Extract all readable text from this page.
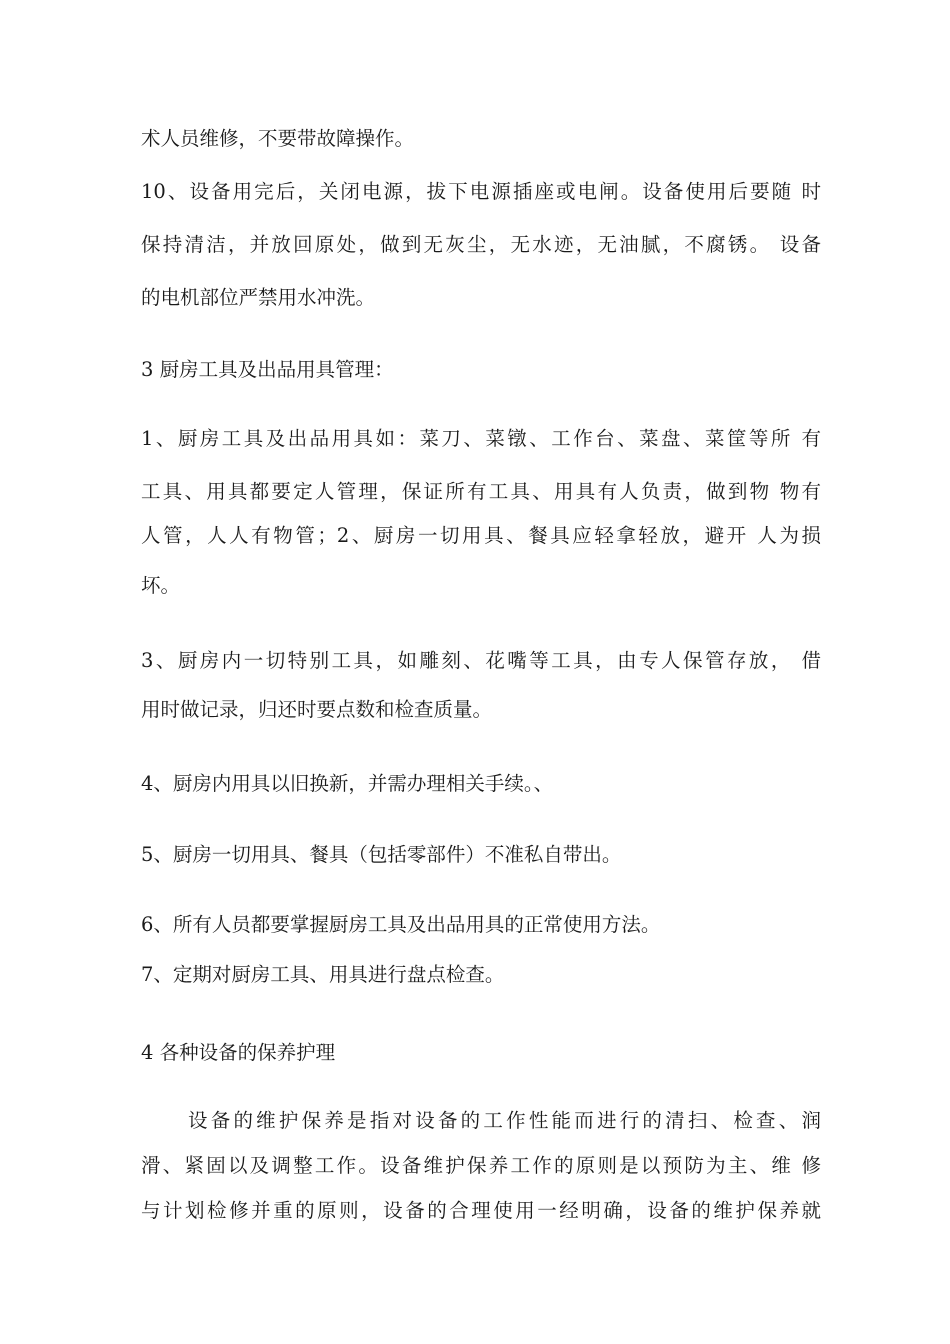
术人员维修，不要带故障操作。
10、设备用完后，关闭电源，拔下电源插座或电闸。设备使用后要随 时
保持清洁，并放回原处，做到无灰尘，无水迹，无油腻，不腐锈。 设备
的电机部位严禁用水冲洗。
3 厨房工具及出品用具管理：
1、厨房工具及出品用具如：菜刀、菜镦、工作台、菜盘、菜筐等所 有
工具、用具都要定人管理，保证所有工具、用具有人负责，做到物 物有
人管，人人有物管；2、厨房一切用具、餐具应轻拿轻放，避开 人为损
坏。
3、厨房内一切特别工具，如雕刻、花嘴等工具，由专人保管存放， 借
用时做记录，归还时要点数和检查质量。
4、厨房内用具以旧换新，并需办理相关手续。、
5、厨房一切用具、餐具（包括零部件）不准私自带出。
6、所有人员都要掌握厨房工具及出品用具的正常使用方法。
7、定期对厨房工具、用具进行盘点检查。
4 各种设备的保养护理
设备的维护保养是指对设备的工作性能而进行的清扫、检查、润
滑、紧固以及调整工作。设备维护保养工作的原则是以预防为主、维 修
与计划检修并重的原则，设备的合理使用一经明确，设备的维护保养就
